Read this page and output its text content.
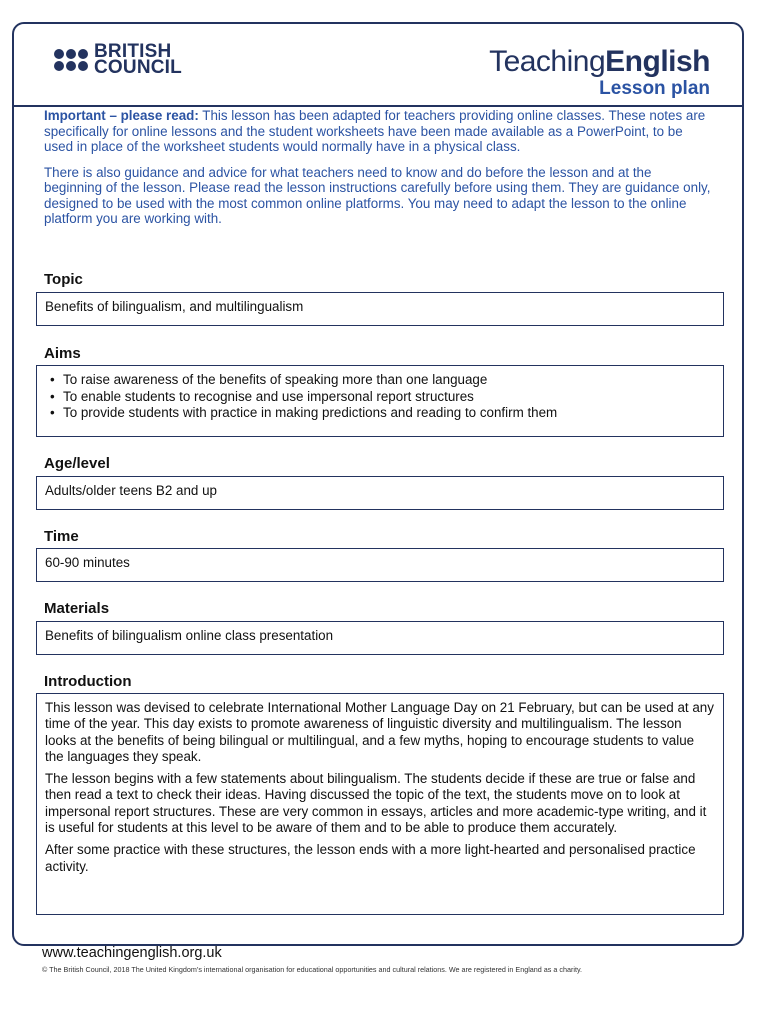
BRITISH
COUNCIL	TeachingEnglish
Lesson plan

Important – please read: This lesson has been adapted for teachers providing online classes. These notes are specifically for online lessons and the student worksheets have been made available as a PowerPoint, to be used in place of the worksheet students would normally have in a physical class.

There is also guidance and advice for what teachers need to know and do before the lesson and at the beginning of the lesson. Please read the lesson instructions carefully before using them. They are guidance only, designed to be used with the most common online platforms. You may need to adapt the lesson to the online platform you are working with.

Topic
Benefits of bilingualism, and multilingualism
Aims
• To raise awareness of the benefits of speaking more than one language
• To enable students to recognise and use impersonal report structures
• To provide students with practice in making predictions and reading to confirm them
Age/level
Adults/older teens B2 and up
Time
60-90 minutes
Materials
Benefits of bilingualism online class presentation
Introduction

This lesson was devised to celebrate International Mother Language Day on 21 February, but can be used at any time of the year. This day exists to promote awareness of linguistic diversity and multilingualism. The lesson looks at the benefits of being bilingual or multilingual, and a few myths, hoping to encourage students to value the languages they speak.

The lesson begins with a few statements about bilingualism. The students decide if these are true or false and then read a text to check their ideas. Having discussed the topic of the text, the students move on to look at impersonal report structures. These are very common in essays, articles and more academic-type writing, and it is useful for students at this level to be aware of them and to be able to produce them accurately.

After some practice with these structures, the lesson ends with a more light-hearted and personalised practice activity.

www.teachingenglish.org.uk
© The British Council, 2018 The United Kingdom’s international organisation for educational opportunities and cultural relations. We are registered in England as a charity.
